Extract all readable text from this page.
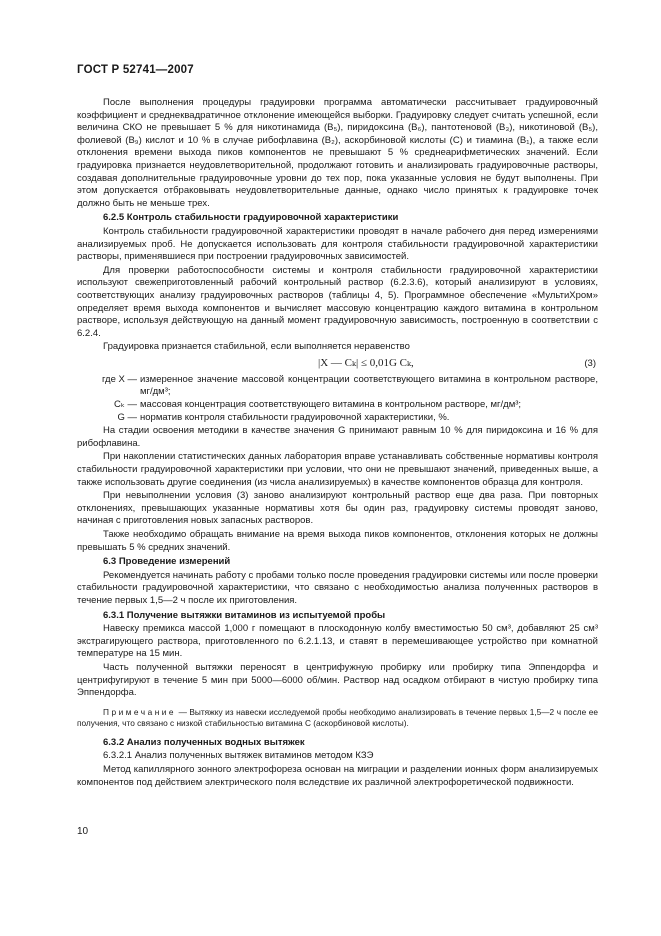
ГОСТ Р 52741—2007

После выполнения процедуры градуировки программа автоматически рассчитывает градуировочный коэффициент и среднеквадратичное отклонение имеющейся выборки. Градуировку следует считать успешной, если величина СКО не превышает 5 % для никотинамида (B₅), пиридоксина (B₆), пантотеновой (B₃), никотиновой (B₅), фолиевой (B₉) кислот и 10 % в случае рибофлавина (B₂), аскорбиновой кислоты (С) и тиамина (B₁), а также если отклонения времени выхода пиков компонентов не превышают 5 % среднеарифметических значений. Если градуировка признается неудовлетворительной, продолжают готовить и анализировать градуировочные растворы, создавая дополнительные градуировочные уровни до тех пор, пока указанные условия не будут выполнены. При этом допускается отбраковывать неудовлетворительные данные, однако число принятых к градуировке точек должно быть не меньше трех.

6.2.5 Контроль стабильности градуировочной характеристики

Контроль стабильности градуировочной характеристики проводят в начале рабочего дня перед измерениями анализируемых проб. Не допускается использовать для контроля стабильности градуировочной характеристики растворы, применявшиеся при построении градуировочных зависимостей.

Для проверки работоспособности системы и контроля стабильности градуировочной характеристики используют свежеприготовленный рабочий контрольный раствор (6.2.3.6), который анализируют в условиях, соответствующих анализу градуировочных растворов (таблицы 4, 5). Программное обеспечение «МультиХром» определяет время выхода компонентов и вычисляет массовую концентрацию каждого витамина в контрольном растворе, используя действующую на данный момент градуировочную зависимость, построенную в соответствии с 6.2.4.

Градуировка признается стабильной, если выполняется неравенство

|X — Cₖ| ≤ 0,01G Cₖ,	(3)
где X — измеренное значение массовой концентрации соответствующего витамина в контрольном растворе, мг/дм³;
Cₖ — массовая концентрация соответствующего витамина в контрольном растворе, мг/дм³;
G — норматив контроля стабильности градуировочной характеристики, %.

На стадии освоения методики в качестве значения G принимают равным 10 % для пиридоксина и 16 % для рибофлавина.

При накоплении статистических данных лаборатория вправе устанавливать собственные нормативы контроля стабильности градуировочной характеристики при условии, что они не превышают значений, приведенных выше, а также использовать другие соединения (из числа анализируемых) в качестве компонентов образца для контроля.

При невыполнении условия (3) заново анализируют контрольный раствор еще два раза. При повторных отклонениях, превышающих указанные нормативы хотя бы один раз, градуировку системы проводят заново, начиная с приготовления новых запасных растворов.

Также необходимо обращать внимание на время выхода пиков компонентов, отклонения которых не должны превышать 5 % средних значений.

6.3 Проведение измерений

Рекомендуется начинать работу с пробами только после проведения градуировки системы или после проверки стабильности градуировочной характеристики, что связано с необходимостью анализа полученных растворов в течение первых 1,5—2 ч после их приготовления.

6.3.1 Получение вытяжки витаминов из испытуемой пробы

Навеску премикса массой 1,000 г помещают в плоскодонную колбу вместимостью 50 см³, добавляют 25 см³ экстрагирующего раствора, приготовленного по 6.2.1.13, и ставят в перемешивающее устройство при комнатной температуре на 15 мин.

Часть полученной вытяжки переносят в центрифужную пробирку или пробирку типа Эппендорфа и центрифугируют в течение 5 мин при 5000—6000 об/мин. Раствор над осадком отбирают в чистую пробирку типа Эппендорфа.

Примечание — Вытяжку из навески исследуемой пробы необходимо анализировать в течение первых 1,5—2 ч после ее получения, что связано с низкой стабильностью витамина С (аскорбиновой кислоты).
6.3.2 Анализ полученных водных вытяжек
6.3.2.1 Анализ полученных вытяжек витаминов методом КЗЭ

Метод капиллярного зонного электрофореза основан на миграции и разделении ионных форм анализируемых компонентов под действием электрического поля вследствие их различной электрофоретической подвижности.

10
